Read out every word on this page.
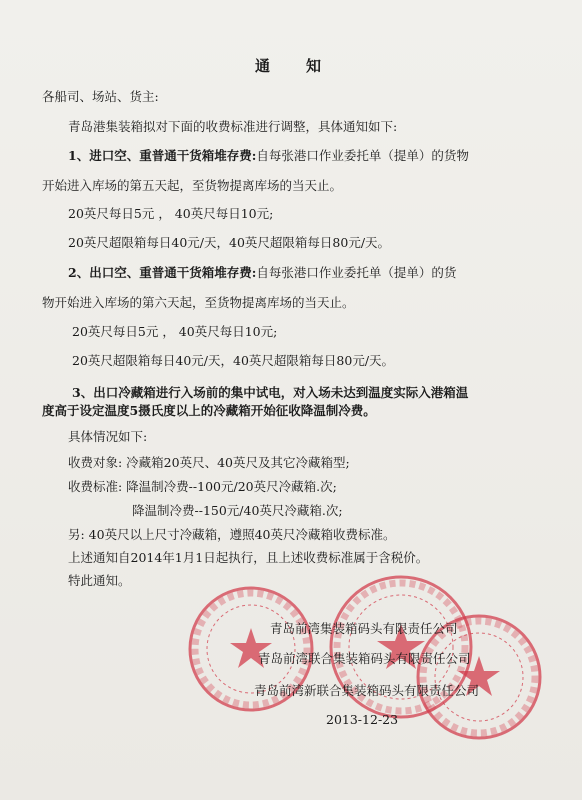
通知
各船司、场站、货主:
青岛港集装箱拟对下面的收费标准进行调整，具体通知如下:
1、进口空、重普通干货箱堆存费:自每张港口作业委托单（提单）的货物
开始进入库场的第五天起，至货物提离库场的当天止。
20英尺每日5元 ， 40英尺每日10元;
20英尺超限箱每日40元/天，40英尺超限箱每日80元/天。
2、出口空、重普通干货箱堆存费:自每张港口作业委托单（提单）的货
物开始进入库场的第六天起，至货物提离库场的当天止。
20英尺每日5元 ， 40英尺每日10元;
20英尺超限箱每日40元/天，40英尺超限箱每日80元/天。
3、出口冷藏箱进行入场前的集中试电，对入场未达到温度实际入港箱温
度高于设定温度5摄氏度以上的冷藏箱开始征收降温制冷费。
具体情况如下:
收费对象: 冷藏箱20英尺、40英尺及其它冷藏箱型;
收费标准: 降温制冷费--100元/20英尺冷藏箱.次;
降温制冷费--150元/40英尺冷藏箱.次;
另: 40英尺以上尺寸冷藏箱，遵照40英尺冷藏箱收费标准。
上述通知自2014年1月1日起执行，且上述收费标准属于含税价。
特此通知。
青岛前湾集装箱码头有限责任公司
青岛前湾联合集装箱码头有限责任公司
青岛前湾新联合集装箱码头有限责任公司
2013-12-23
